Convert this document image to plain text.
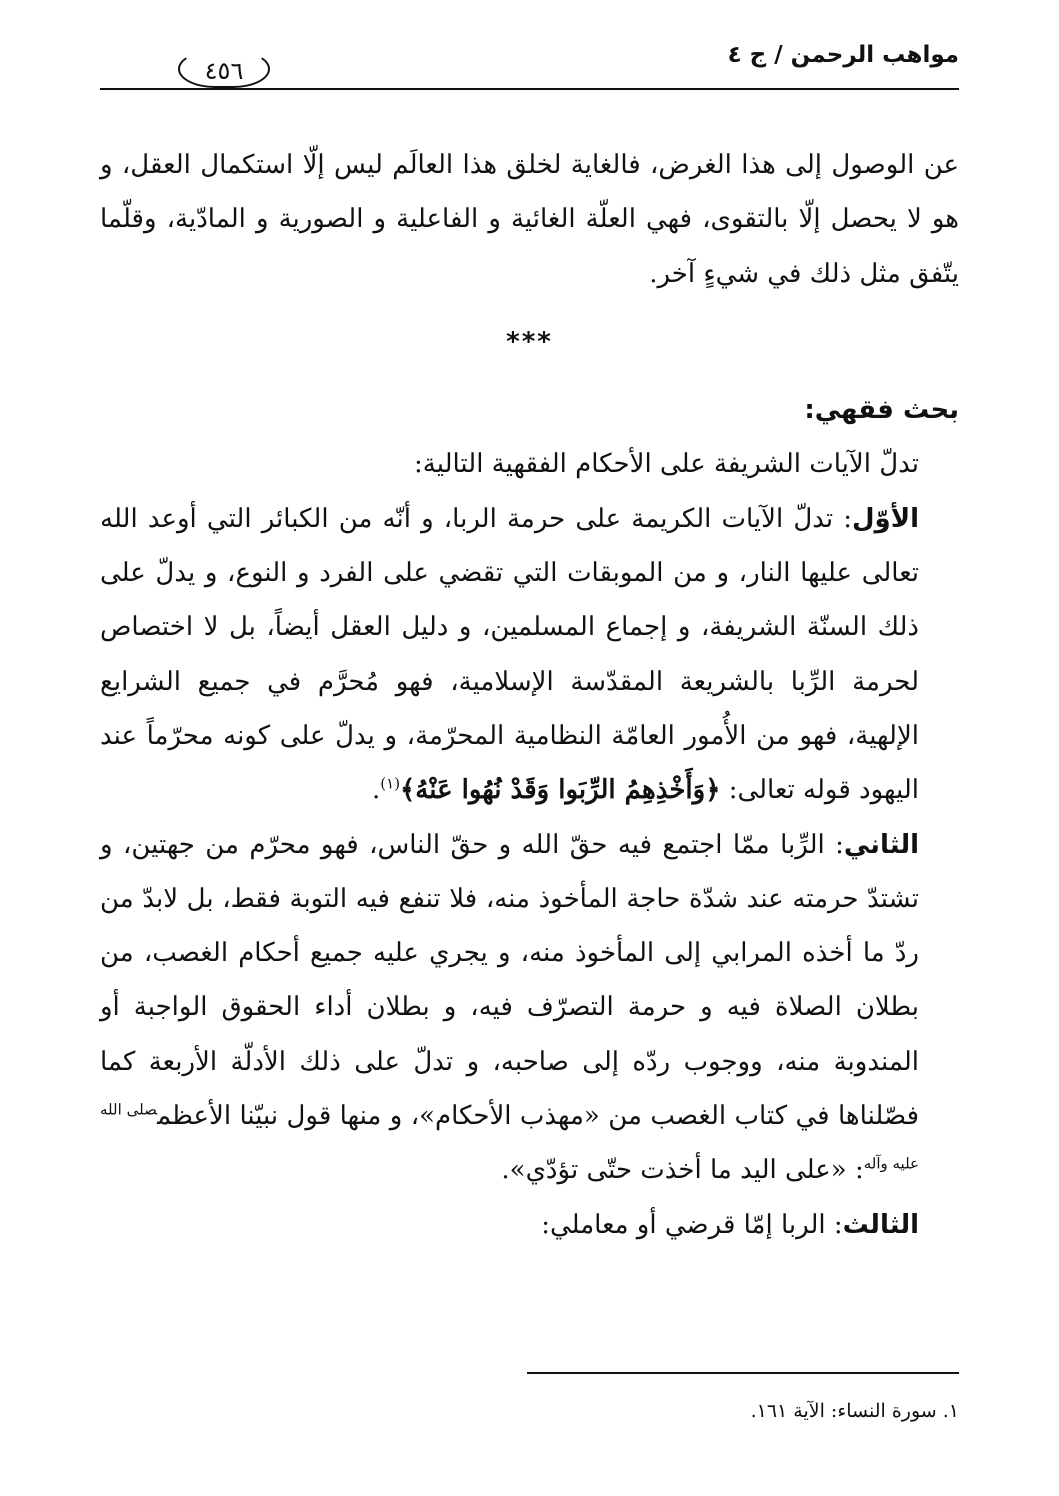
مواهب الرحمن / ج ٤
٤٥٦

عن الوصول إلى هذا الغرض، فالغاية لخلق هذا العالَم ليس إلّا استكمال العقل، و هو لا يحصل إلّا بالتقوى، فهي العلّة الغائية و الفاعلية و الصورية و المادّية، وقلّما يتّفق مثل ذلك في شيءٍ آخر.

***

بحث فقهي:

تدلّ الآيات الشريفة على الأحكام الفقهية التالية:

الأوّل: تدلّ الآيات الكريمة على حرمة الربا، و أنّه من الكبائر التي أوعد الله تعالى عليها النار، و من الموبقات التي تقضي على الفرد و النوع، و يدلّ على ذلك السنّة الشريفة، و إجماع المسلمين، و دليل العقل أيضاً، بل لا اختصاص لحرمة الرِّبا بالشريعة المقدّسة الإسلامية، فهو مُحرَّم في جميع الشرايع الإلهية، فهو من الأُمور العامّة النظامية المحرّمة، و يدلّ على كونه محرّماً عند اليهود قوله تعالى: ﴿وَأَخْذِهِمُ الرِّبَوا وَقَدْ نُهُوا عَنْهُ﴾$^{(١)}$.

الثاني: الرِّبا ممّا اجتمع فيه حقّ الله و حقّ الناس، فهو محرّم من جهتين، و تشتدّ حرمته عند شدّة حاجة المأخوذ منه، فلا تنفع فيه التوبة فقط، بل لابدّ من ردّ ما أخذه المرابي إلى المأخوذ منه، و يجري عليه جميع أحكام الغصب، من بطلان الصلاة فيه و حرمة التصرّف فيه، و بطلان أداء الحقوق الواجبة أو المندوبة منه، ووجوب ردّه إلى صاحبه، و تدلّ على ذلك الأدلّة الأربعة كما فصّلناها في كتاب الغصب من «مهذب الأحكام»، و منها قول نبيّنا الأعظم$^{صلى الله عليه وآله}$: «على اليد ما أخذت حتّى تؤدّي».

الثالث: الربا إمّا قرضي أو معاملي:

١. سورة النساء: الآية ١٦١.
